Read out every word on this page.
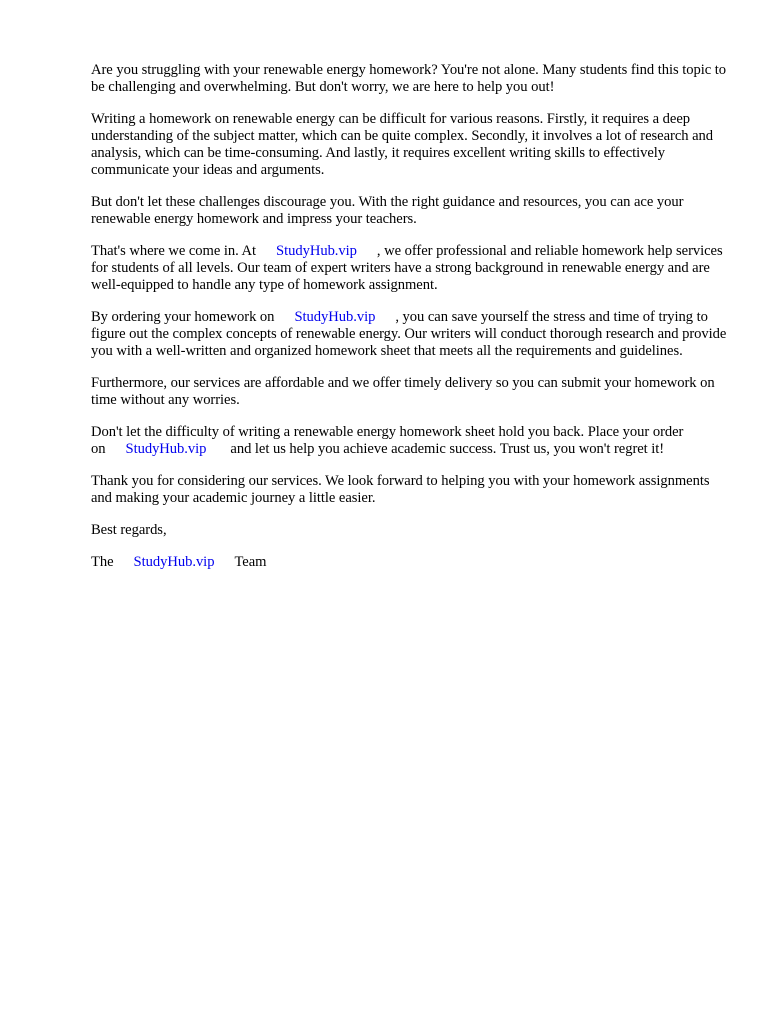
Are you struggling with your renewable energy homework? You're not alone. Many students find this topic to be challenging and overwhelming. But don't worry, we are here to help you out!

Writing a homework on renewable energy can be difficult for various reasons. Firstly, it requires a deep understanding of the subject matter, which can be quite complex. Secondly, it involves a lot of research and analysis, which can be time-consuming. And lastly, it requires excellent writing skills to effectively communicate your ideas and arguments.

But don't let these challenges discourage you. With the right guidance and resources, you can ace your renewable energy homework and impress your teachers.

That's where we come in. At StudyHub.vip , we offer professional and reliable homework help services for students of all levels. Our team of expert writers have a strong background in renewable energy and are well-equipped to handle any type of homework assignment.

By ordering your homework on StudyHub.vip , you can save yourself the stress and time of trying to figure out the complex concepts of renewable energy. Our writers will conduct thorough research and provide you with a well-written and organized homework sheet that meets all the requirements and guidelines.

Furthermore, our services are affordable and we offer timely delivery so you can submit your homework on time without any worries.

Don't let the difficulty of writing a renewable energy homework sheet hold you back. Place your order on StudyHub.vip and let us help you achieve academic success. Trust us, you won't regret it!

Thank you for considering our services. We look forward to helping you with your homework assignments and making your academic journey a little easier.

Best regards,

The StudyHub.vip Team
